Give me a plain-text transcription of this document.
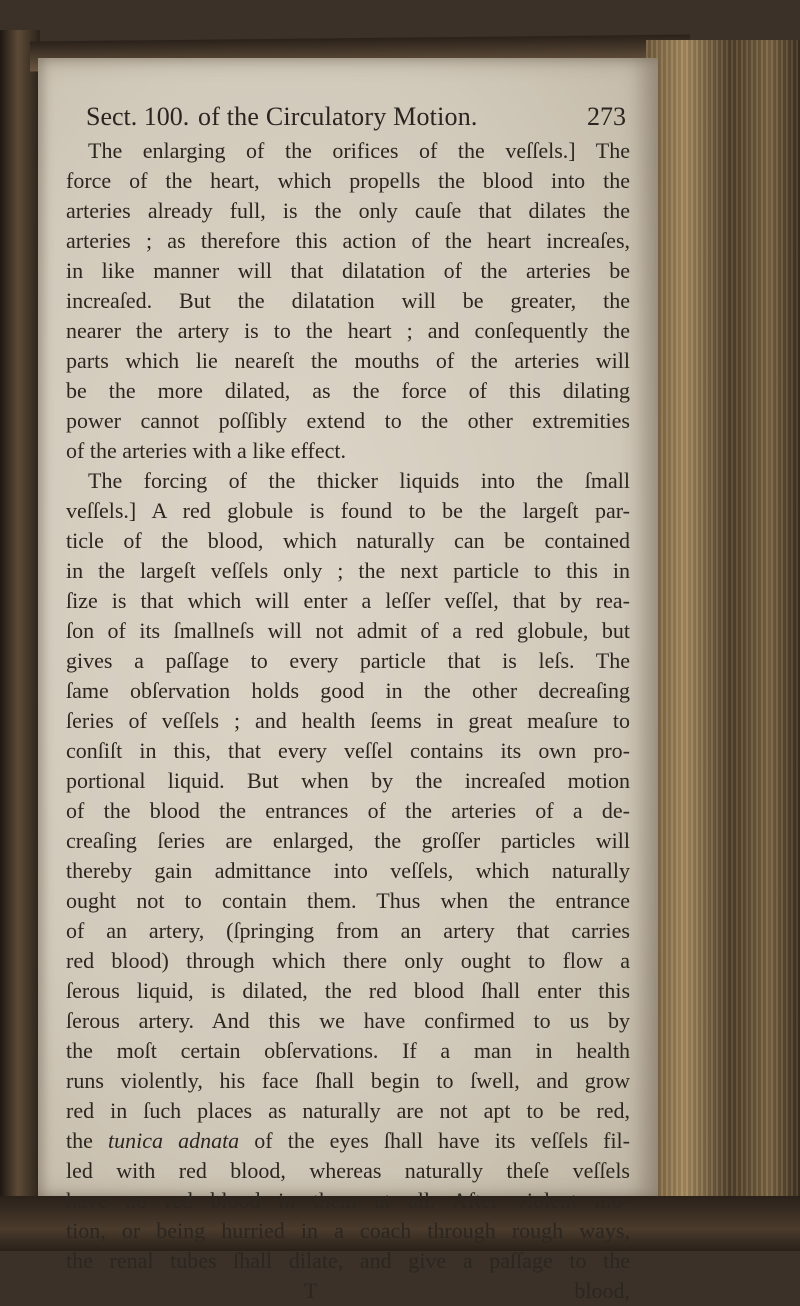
Sect. 100. of the Circulatory Motion.	273
The enlarging of the orifices of the veſſels.] The
force of the heart, which propells the blood into the
arteries already full, is the only cauſe that dilates the
arteries ; as therefore this action of the heart increaſes,
in like manner will that dilatation of the arteries be
increaſed. But the dilatation will be greater, the
nearer the artery is to the heart ; and conſequently the
parts which lie neareſt the mouths of the arteries will
be the more dilated, as the force of this dilating
power cannot poſſibly extend to the other extremities
of the arteries with a like effect.
The forcing of the thicker liquids into the ſmall
veſſels.] A red globule is found to be the largeſt par-
ticle of the blood, which naturally can be contained
in the largeſt veſſels only ; the next particle to this in
ſize is that which will enter a leſſer veſſel, that by rea-
ſon of its ſmallneſs will not admit of a red globule, but
gives a paſſage to every particle that is leſs. The
ſame obſervation holds good in the other decreaſing
ſeries of veſſels ; and health ſeems in great meaſure to
conſiſt in this, that every veſſel contains its own pro-
portional liquid. But when by the increaſed motion
of the blood the entrances of the arteries of a de-
creaſing ſeries are enlarged, the groſſer particles will
thereby gain admittance into veſſels, which naturally
ought not to contain them. Thus when the entrance
of an artery, (ſpringing from an artery that carries
red blood) through which there only ought to flow a
ſerous liquid, is dilated, the red blood ſhall enter this
ſerous artery. And this we have confirmed to us by
the moſt certain obſervations. If a man in health
runs violently, his face ſhall begin to ſwell, and grow
red in ſuch places as naturally are not apt to be red,
the tunica adnata of the eyes ſhall have its veſſels fil-
led with red blood, whereas naturally theſe veſſels
have no red blood in them at all. After violent mo-
tion, or being hurried in a coach through rough ways,
the renal tubes ſhall dilate, and give a paſſage to the
T	blood,
